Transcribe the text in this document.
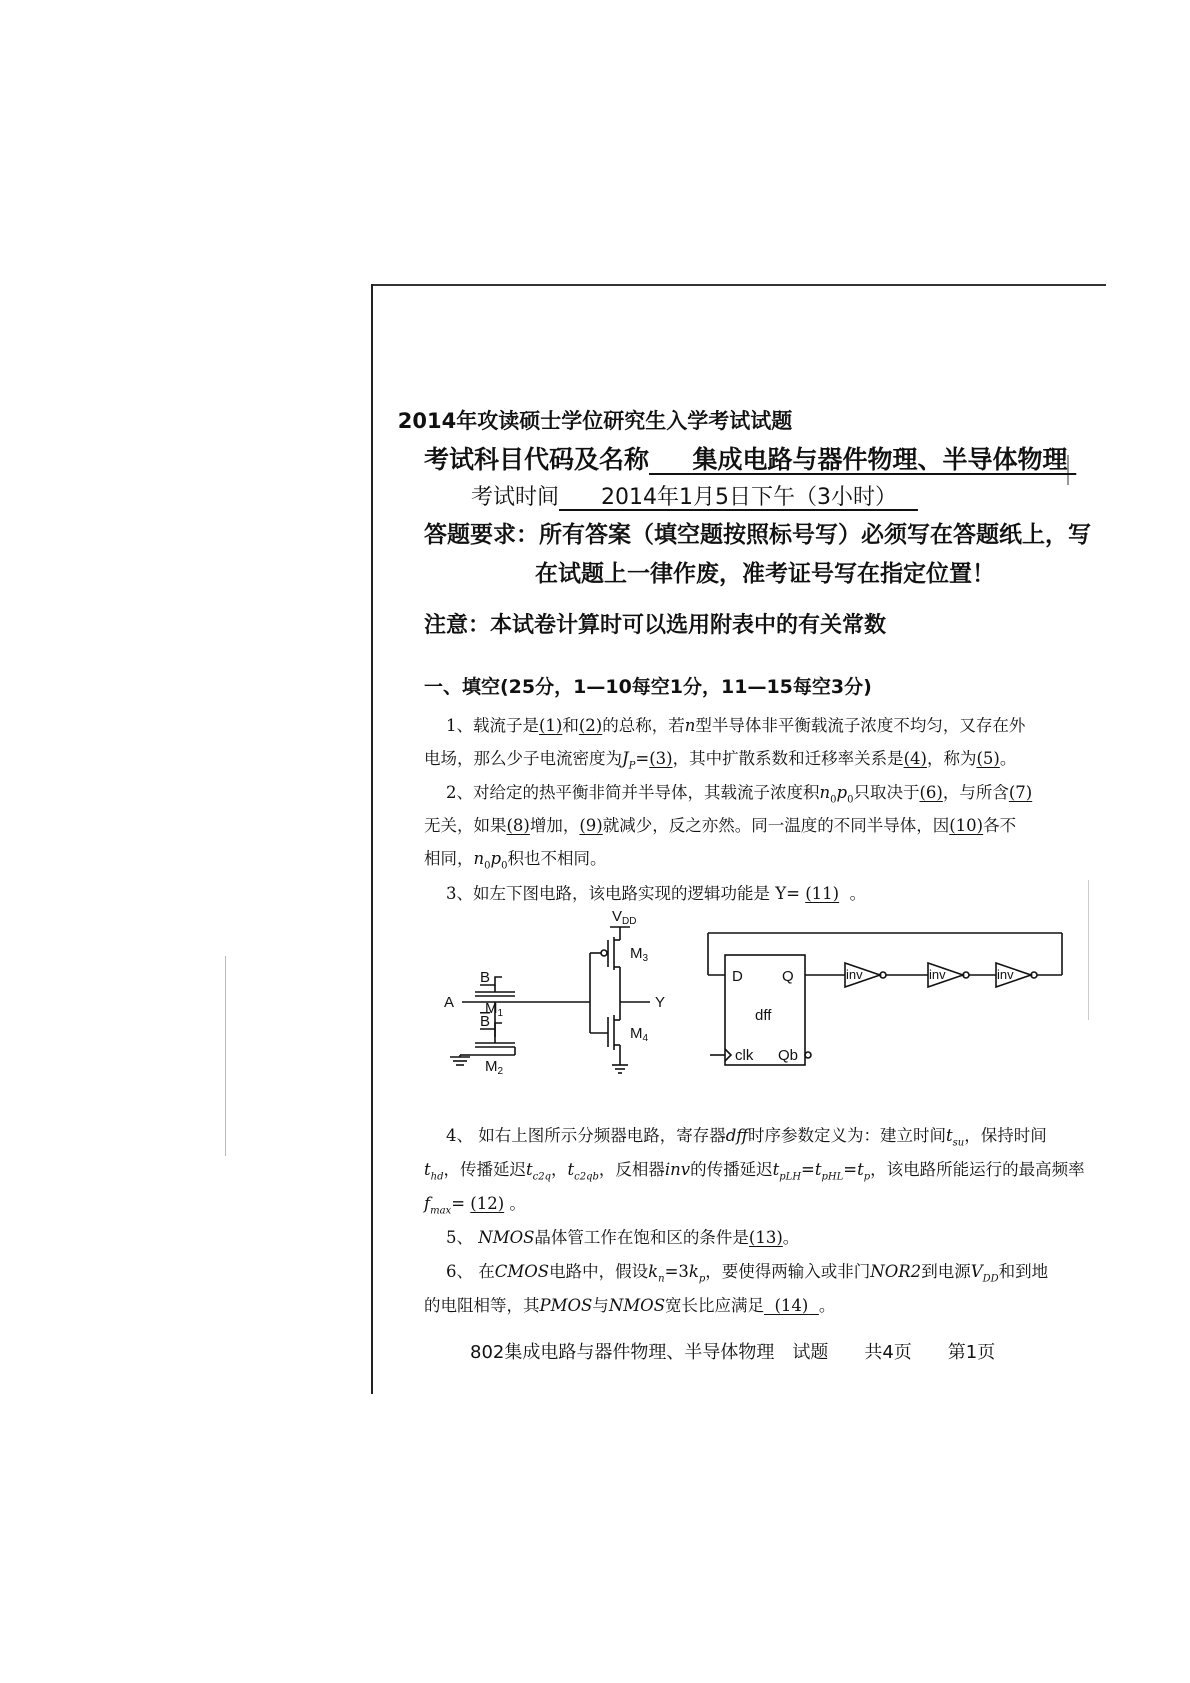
2014年攻读硕士学位研究生入学考试试题
考试科目代码及名称 集成电路与器件物理、半导体物理
考试时间 2014年1月5日下午（3小时）
答题要求：所有答案（填空题按照标号写）必须写在答题纸上，写
在试题上一律作废，准考证号写在指定位置！
注意：本试卷计算时可以选用附表中的有关常数
一、填空(25分，1—10每空1分，11—15每空3分)
1、载流子是(1)和(2)的总称，若n型半导体非平衡载流子浓度不均匀，又存在外
电场，那么少子电流密度为$J_P=(3)$，其中扩散系数和迁移率关系是(4)，称为(5)。
2、对给定的热平衡非简并半导体，其载流子浓度积$n_0p_0$只取决于(6)，与所含(7)
无关，如果(8)增加，(9)就减少，反之亦然。同一温度的不同半导体，因(10)各不
相同，$n_0p_0$积也不相同。
3、如左下图电路，该电路实现的逻辑功能是 Y= (11) 。
$V_{DD}$
$M_3$
$M_4$
Y
A
B
B
$M_1$
$M_2$
D	Q
dff
clk Qb
inv	inv	inv
4、 如右上图所示分频器电路，寄存器dff时序参数定义为：建立时间$t_{su}$，保持时间
$t_{hd}$，传播延迟$t_{c2q}$，$t_{c2qb}$，反相器inv的传播延迟$t_{pLH}=t_{pHL}=t_p$，该电路所能运行的最高频率
$f_{max}= (12)$ 。
5、 NMOS晶体管工作在饱和区的条件是(13)。
6、 在CMOS电路中，假设$k_n=3k_p$，要使得两输入或非门NOR2到电源$V_{DD}$和到地
的电阻相等，其PMOS与NMOS宽长比应满足 (14) 。
802集成电路与器件物理、半导体物理　试题　　共4页　　第1页
